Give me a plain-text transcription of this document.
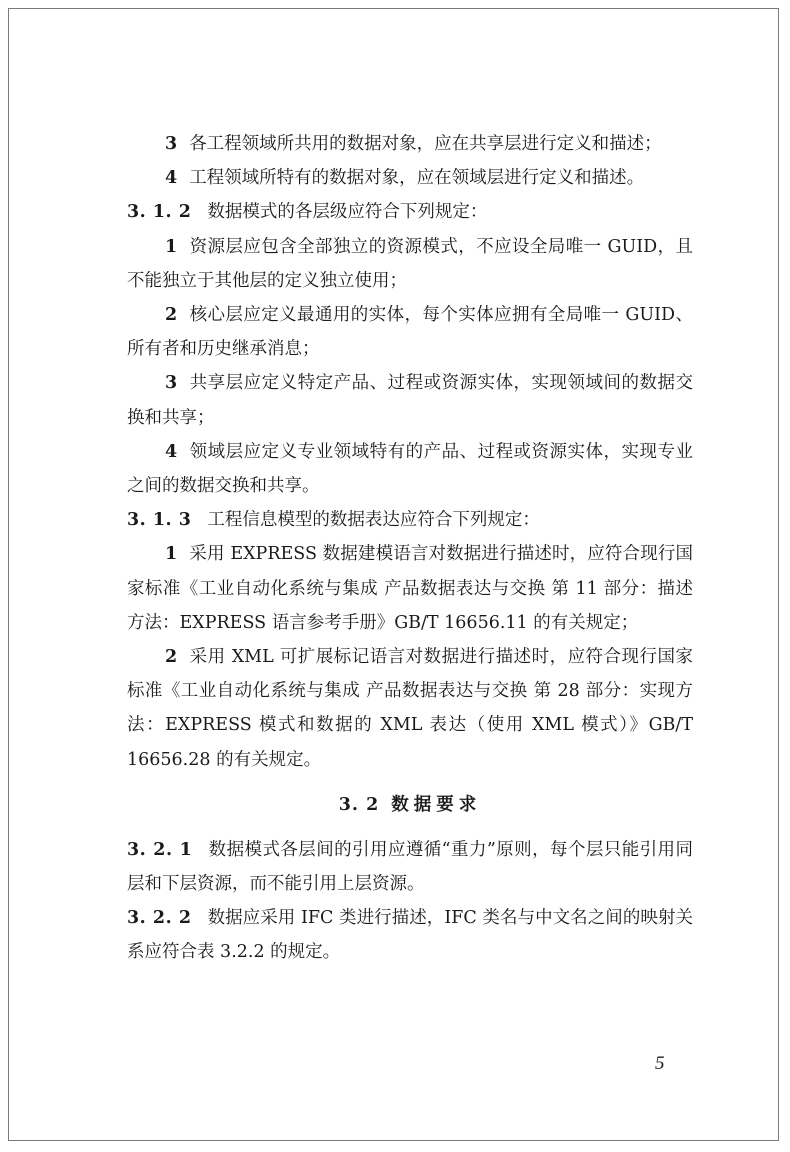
3 各工程领域所共用的数据对象，应在共享层进行定义和描述；

4 工程领域所特有的数据对象，应在领域层进行定义和描述。

3. 1. 2 数据模式的各层级应符合下列规定：

1 资源层应包含全部独立的资源模式，不应设全局唯一 GUID，且不能独立于其他层的定义独立使用；

2 核心层应定义最通用的实体，每个实体应拥有全局唯一 GUID、所有者和历史继承消息；

3 共享层应定义特定产品、过程或资源实体，实现领域间的数据交换和共享；

4 领域层应定义专业领域特有的产品、过程或资源实体，实现专业之间的数据交换和共享。

3. 1. 3 工程信息模型的数据表达应符合下列规定：

1 采用 EXPRESS 数据建模语言对数据进行描述时，应符合现行国家标准《工业自动化系统与集成 产品数据表达与交换 第 11 部分：描述方法：EXPRESS 语言参考手册》GB/T 16656.11 的有关规定；

2 采用 XML 可扩展标记语言对数据进行描述时，应符合现行国家标准《工业自动化系统与集成 产品数据表达与交换 第 28 部分：实现方法：EXPRESS 模式和数据的 XML 表达（使用 XML 模式）》GB/T 16656.28 的有关规定。

3. 2 数据要求

3. 2. 1 数据模式各层间的引用应遵循“重力”原则，每个层只能引用同层和下层资源，而不能引用上层资源。

3. 2. 2 数据应采用 IFC 类进行描述，IFC 类名与中文名之间的映射关系应符合表 3.2.2 的规定。

5
